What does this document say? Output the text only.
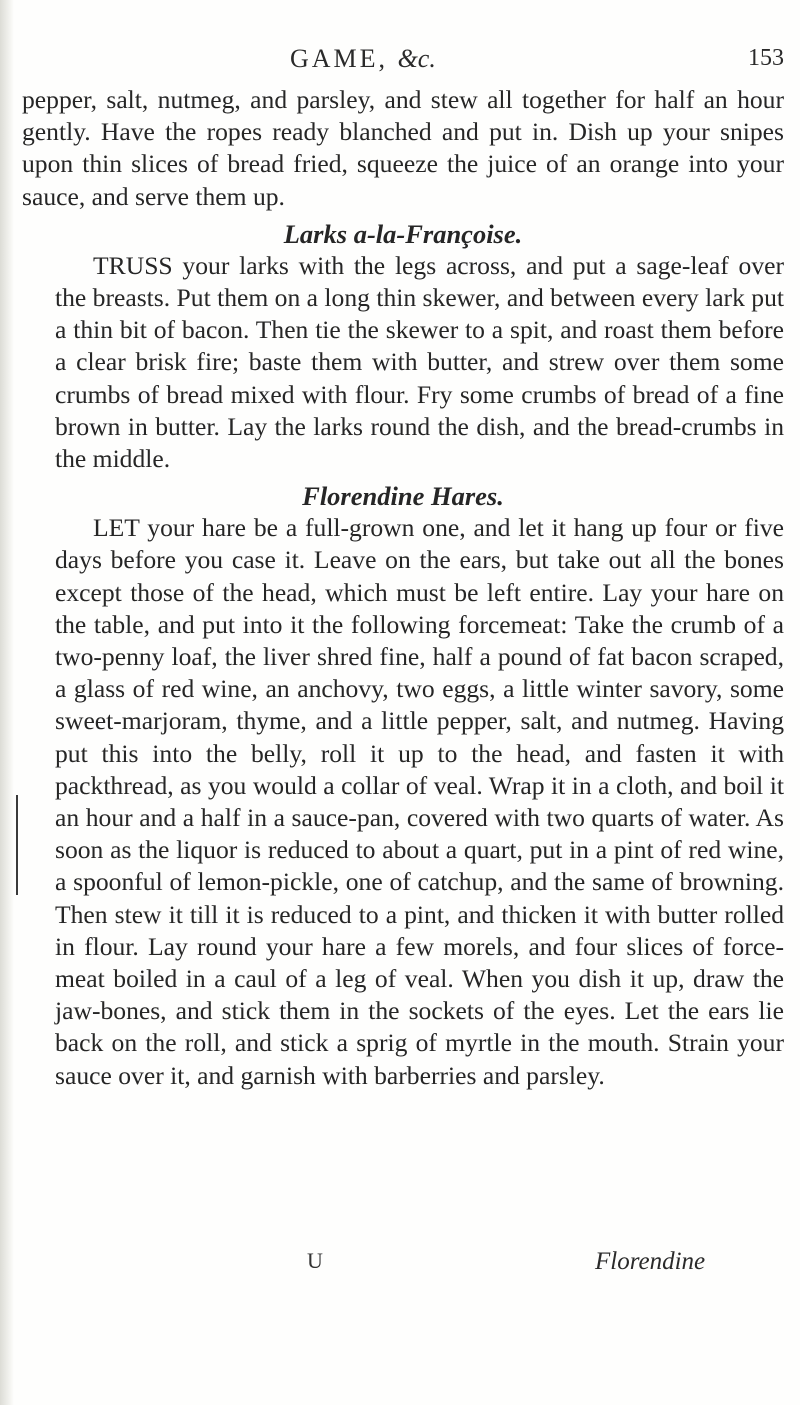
GAME, &c.	153

pepper, salt, nutmeg, and parsley, and stew all together for half an hour gently. Have the ropes ready blanched and put in. Dish up your snipes upon thin slices of bread fried, squeeze the juice of an orange into your sauce, and serve them up.

Larks a-la-Françoise.

TRUSS your larks with the legs across, and put a sage-leaf over the breasts. Put them on a long thin skewer, and between every lark put a thin bit of bacon. Then tie the skewer to a spit, and roast them before a clear brisk fire; baste them with butter, and strew over them some crumbs of bread mixed with flour. Fry some crumbs of bread of a fine brown in butter. Lay the larks round the dish, and the bread-crumbs in the middle.

Florendine Hares.

LET your hare be a full-grown one, and let it hang up four or five days before you case it. Leave on the ears, but take out all the bones except those of the head, which must be left entire. Lay your hare on the table, and put into it the following forcemeat: Take the crumb of a two-penny loaf, the liver shred fine, half a pound of fat bacon scraped, a glass of red wine, an anchovy, two eggs, a little winter savory, some sweet-marjoram, thyme, and a little pepper, salt, and nutmeg. Having put this into the belly, roll it up to the head, and fasten it with packthread, as you would a collar of veal. Wrap it in a cloth, and boil it an hour and a half in a sauce-pan, covered with two quarts of water. As soon as the liquor is reduced to about a quart, put in a pint of red wine, a spoonful of lemon-pickle, one of catchup, and the same of browning. Then stew it till it is reduced to a pint, and thicken it with butter rolled in flour. Lay round your hare a few morels, and four slices of force-meat boiled in a caul of a leg of veal. When you dish it up, draw the jaw-bones, and stick them in the sockets of the eyes. Let the ears lie back on the roll, and stick a sprig of myrtle in the mouth. Strain your sauce over it, and garnish with barberries and parsley.

U	Florendine
